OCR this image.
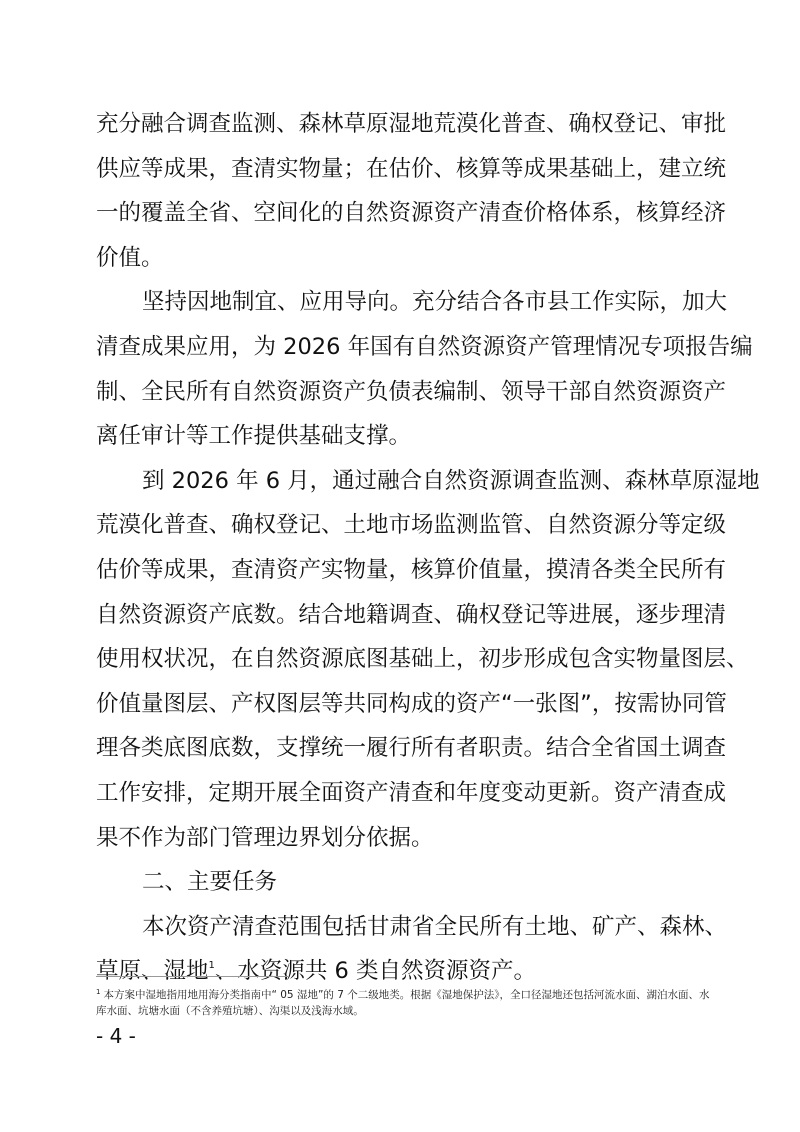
充分融合调查监测、森林草原湿地荒漠化普查、确权登记、审批
供应等成果，查清实物量；在估价、核算等成果基础上，建立统
一的覆盖全省、空间化的自然资源资产清查价格体系，核算经济
价值。
坚持因地制宜、应用导向。充分结合各市县工作实际，加大
清查成果应用，为 2026 年国有自然资源资产管理情况专项报告编
制、全民所有自然资源资产负债表编制、领导干部自然资源资产
离任审计等工作提供基础支撑。
到 2026 年 6 月，通过融合自然资源调查监测、森林草原湿地
荒漠化普查、确权登记、土地市场监测监管、自然资源分等定级
估价等成果，查清资产实物量，核算价值量，摸清各类全民所有
自然资源资产底数。结合地籍调查、确权登记等进展，逐步理清
使用权状况，在自然资源底图基础上，初步形成包含实物量图层、
价值量图层、产权图层等共同构成的资产“一张图”，按需协同管
理各类底图底数，支撑统一履行所有者职责。结合全省国土调查
工作安排，定期开展全面资产清查和年度变动更新。资产清查成
果不作为部门管理边界划分依据。
二、主要任务
本次资产清查范围包括甘肃省全民所有土地、矿产、森林、
草原、湿地$^1$、水资源共 6 类自然资源资产。
$^1$ 本方案中湿地指用地用海分类指南中“ 05 湿地”的 7 个二级地类。根据《湿地保护法》，全口径湿地还包括河流水面、湖泊水面、水库水面、坑塘水面（不含养殖坑塘）、沟渠以及浅海水域。
- 4 -
